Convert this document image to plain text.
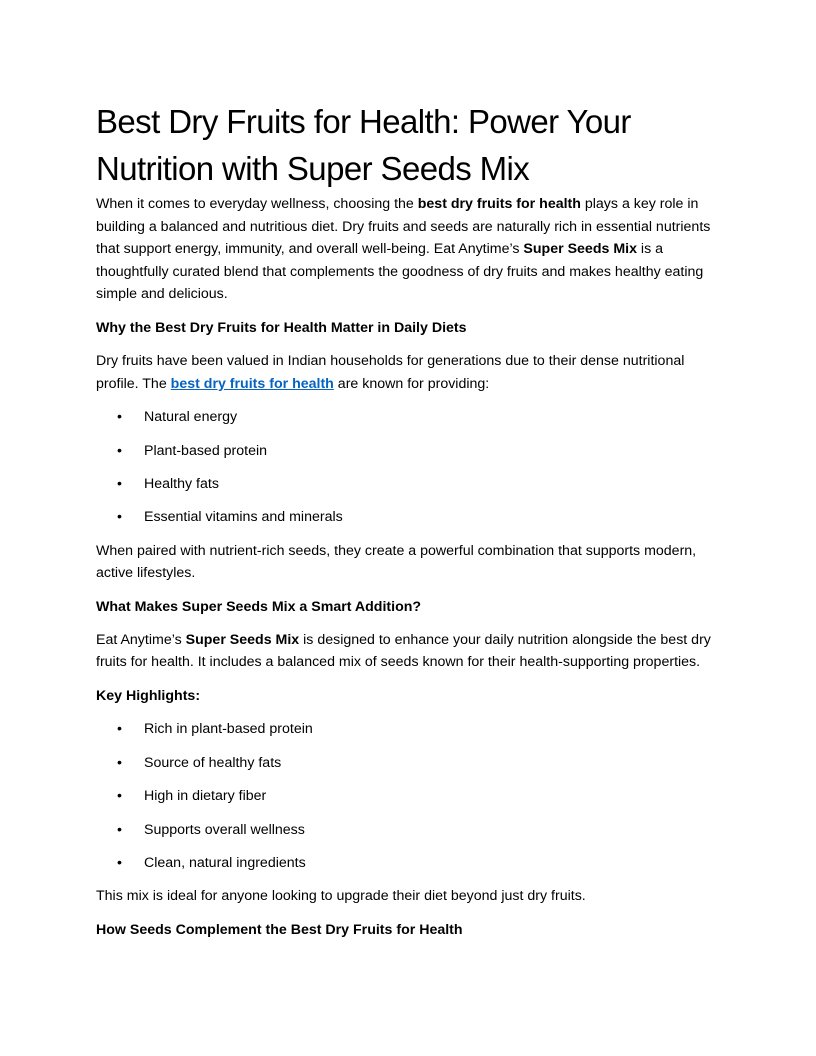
Best Dry Fruits for Health: Power Your Nutrition with Super Seeds Mix

When it comes to everyday wellness, choosing the best dry fruits for health plays a key role in building a balanced and nutritious diet. Dry fruits and seeds are naturally rich in essential nutrients that support energy, immunity, and overall well-being. Eat Anytime’s Super Seeds Mix is a thoughtfully curated blend that complements the goodness of dry fruits and makes healthy eating simple and delicious.

Why the Best Dry Fruits for Health Matter in Daily Diets

Dry fruits have been valued in Indian households for generations due to their dense nutritional profile. The best dry fruits for health are known for providing:

• Natural energy
• Plant-based protein
• Healthy fats
• Essential vitamins and minerals

When paired with nutrient-rich seeds, they create a powerful combination that supports modern, active lifestyles.

What Makes Super Seeds Mix a Smart Addition?

Eat Anytime’s Super Seeds Mix is designed to enhance your daily nutrition alongside the best dry fruits for health. It includes a balanced mix of seeds known for their health-supporting properties.

Key Highlights:

• Rich in plant-based protein
• Source of healthy fats
• High in dietary fiber
• Supports overall wellness
• Clean, natural ingredients

This mix is ideal for anyone looking to upgrade their diet beyond just dry fruits.

How Seeds Complement the Best Dry Fruits for Health
